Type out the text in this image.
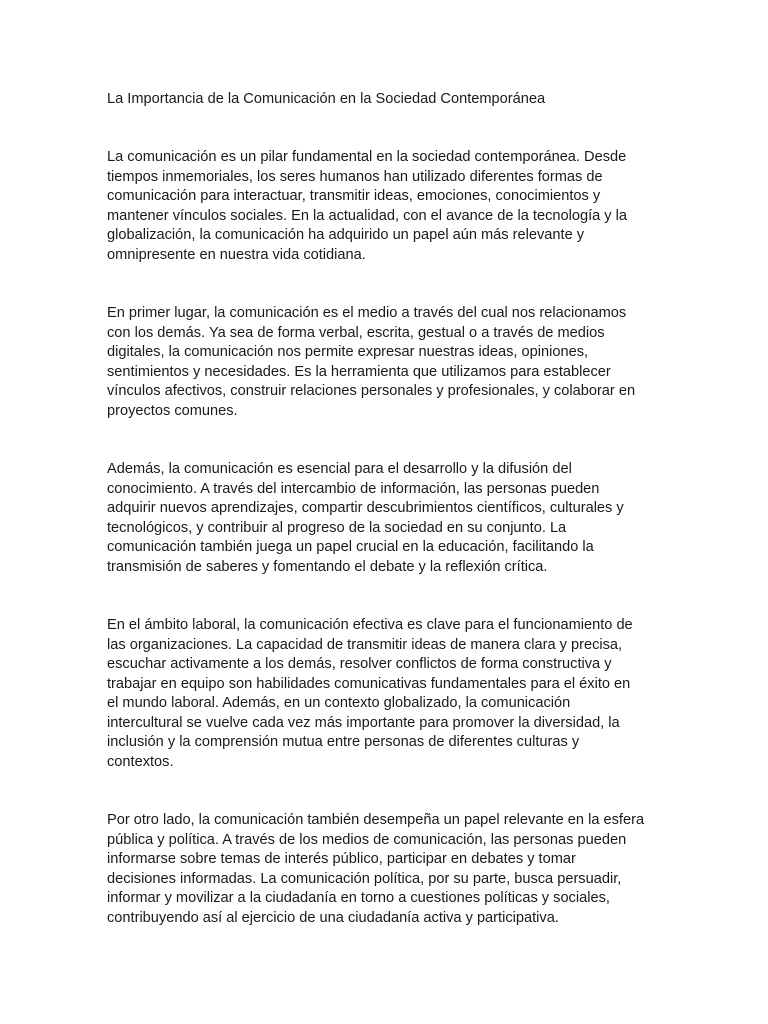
La Importancia de la Comunicación en la Sociedad Contemporánea

La comunicación es un pilar fundamental en la sociedad contemporánea. Desde
tiempos inmemoriales, los seres humanos han utilizado diferentes formas de
comunicación para interactuar, transmitir ideas, emociones, conocimientos y
mantener vínculos sociales. En la actualidad, con el avance de la tecnología y la
globalización, la comunicación ha adquirido un papel aún más relevante y
omnipresente en nuestra vida cotidiana.

En primer lugar, la comunicación es el medio a través del cual nos relacionamos
con los demás. Ya sea de forma verbal, escrita, gestual o a través de medios
digitales, la comunicación nos permite expresar nuestras ideas, opiniones,
sentimientos y necesidades. Es la herramienta que utilizamos para establecer
vínculos afectivos, construir relaciones personales y profesionales, y colaborar en
proyectos comunes.

Además, la comunicación es esencial para el desarrollo y la difusión del
conocimiento. A través del intercambio de información, las personas pueden
adquirir nuevos aprendizajes, compartir descubrimientos científicos, culturales y
tecnológicos, y contribuir al progreso de la sociedad en su conjunto. La
comunicación también juega un papel crucial en la educación, facilitando la
transmisión de saberes y fomentando el debate y la reflexión crítica.

En el ámbito laboral, la comunicación efectiva es clave para el funcionamiento de
las organizaciones. La capacidad de transmitir ideas de manera clara y precisa,
escuchar activamente a los demás, resolver conflictos de forma constructiva y
trabajar en equipo son habilidades comunicativas fundamentales para el éxito en
el mundo laboral. Además, en un contexto globalizado, la comunicación
intercultural se vuelve cada vez más importante para promover la diversidad, la
inclusión y la comprensión mutua entre personas de diferentes culturas y
contextos.

Por otro lado, la comunicación también desempeña un papel relevante en la esfera
pública y política. A través de los medios de comunicación, las personas pueden
informarse sobre temas de interés público, participar en debates y tomar
decisiones informadas. La comunicación política, por su parte, busca persuadir,
informar y movilizar a la ciudadanía en torno a cuestiones políticas y sociales,
contribuyendo así al ejercicio de una ciudadanía activa y participativa.
